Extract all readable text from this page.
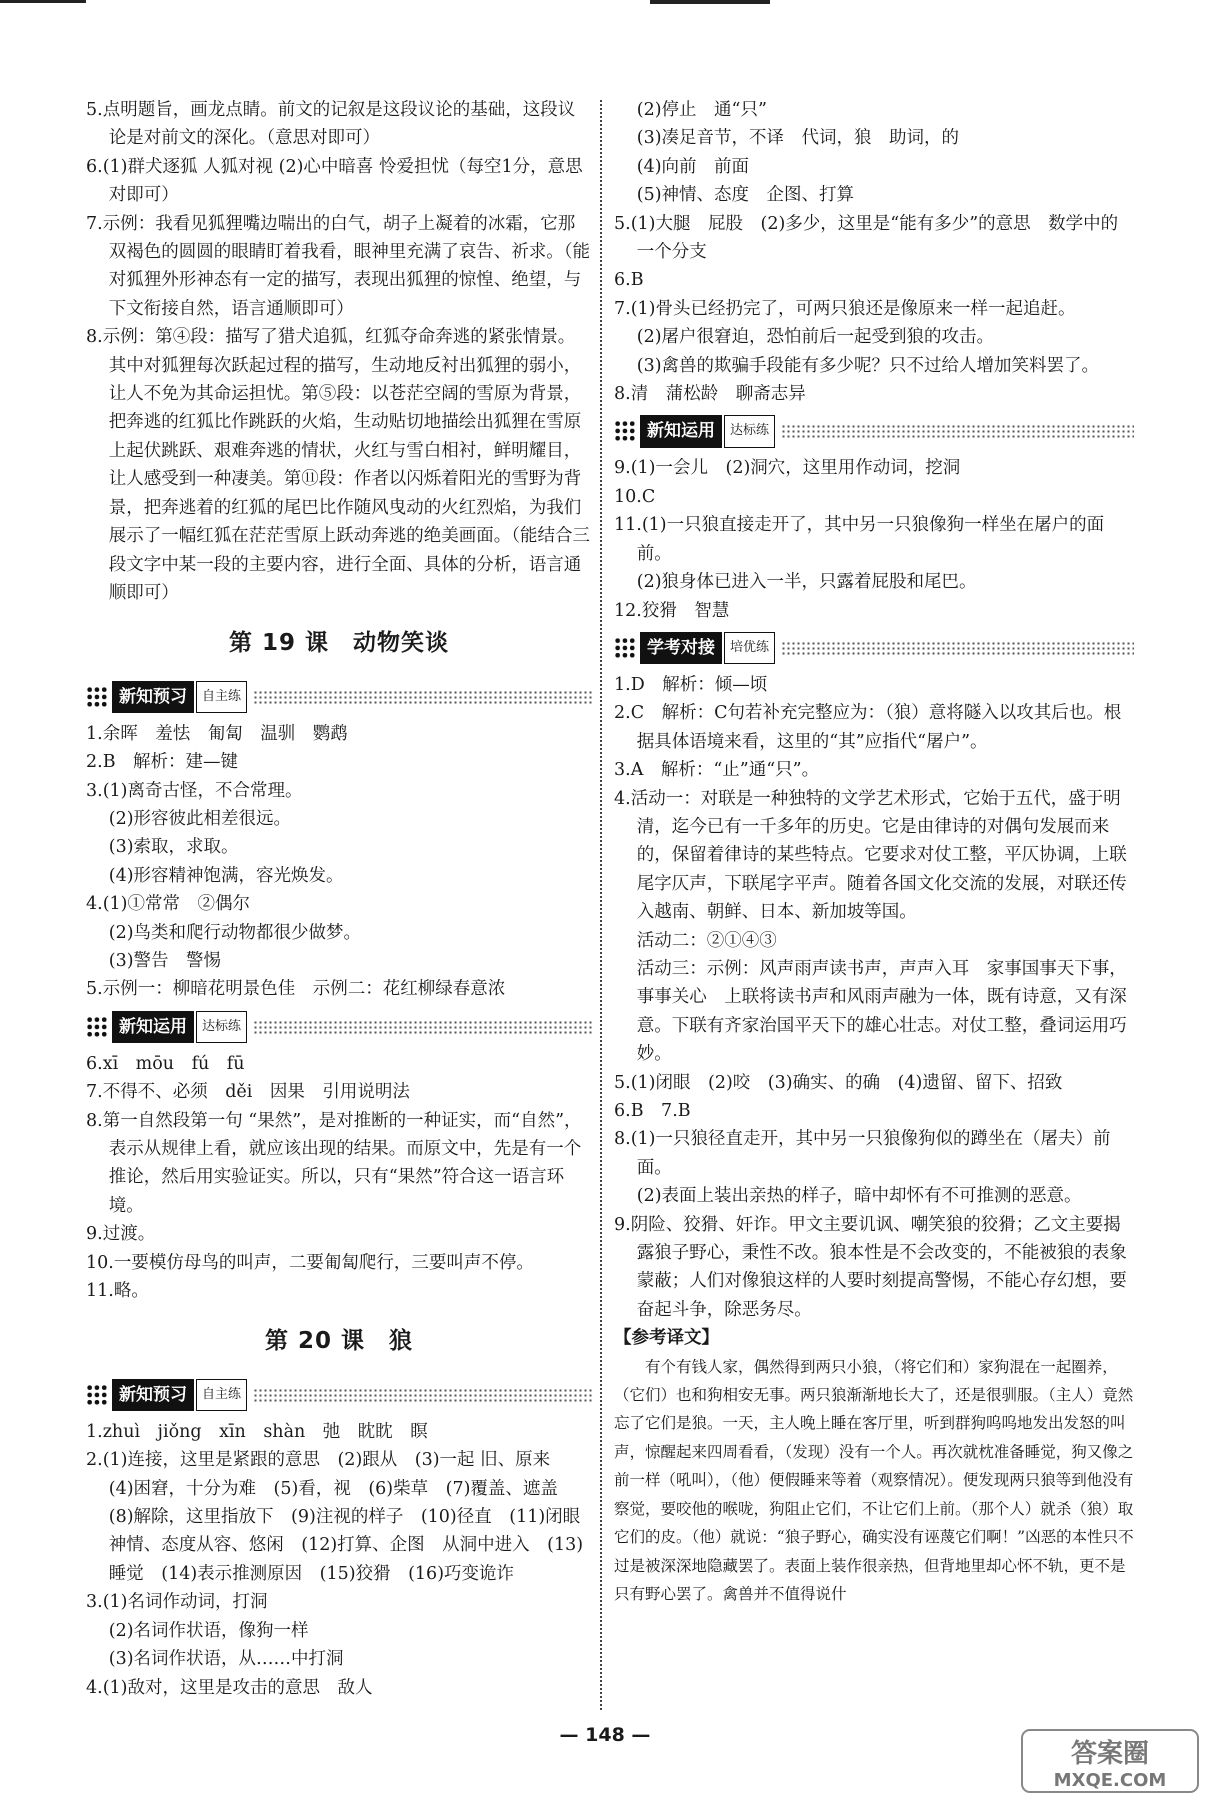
5.点明题旨，画龙点睛。前文的记叙是这段议论的基础，这段议论是对前文的深化。（意思对即可）
6.(1)群犬逐狐 人狐对视 (2)心中暗喜 怜爱担忧（每空1分，意思对即可）
7.示例：我看见狐狸嘴边喘出的白气，胡子上凝着的冰霜，它那双褐色的圆圆的眼睛盯着我看，眼神里充满了哀告、祈求。（能对狐狸外形神态有一定的描写，表现出狐狸的惊惶、绝望，与下文衔接自然，语言通顺即可）
8.示例：第④段：描写了猎犬追狐，红狐夺命奔逃的紧张情景。其中对狐狸每次跃起过程的描写，生动地反衬出狐狸的弱小，让人不免为其命运担忧。第⑤段：以苍茫空阔的雪原为背景，把奔逃的红狐比作跳跃的火焰，生动贴切地描绘出狐狸在雪原上起伏跳跃、艰难奔逃的情状，火红与雪白相衬，鲜明耀目，让人感受到一种凄美。第⑪段：作者以闪烁着阳光的雪野为背景，把奔逃着的红狐的尾巴比作随风曳动的火红烈焰，为我们展示了一幅红狐在茫茫雪原上跃动奔逃的绝美画面。（能结合三段文字中某一段的主要内容，进行全面、具体的分析，语言通顺即可）
第 19 课　动物笑谈
新知预习	自主练
1.余晖　羞怯　匍匐　温驯　鹦鹉
2.B　解析：建—键
3.(1)离奇古怪，不合常理。
(2)形容彼此相差很远。
(3)索取，求取。
(4)形容精神饱满，容光焕发。
4.(1)①常常　②偶尔
(2)鸟类和爬行动物都很少做梦。
(3)警告　警惕
5.示例一：柳暗花明景色佳　示例二：花红柳绿春意浓
新知运用	达标练
6.xī　mōu　fú　fū
7.不得不、必须　děi　因果　引用说明法
8.第一自然段第一句 “果然”，是对推断的一种证实，而“自然”，表示从规律上看，就应该出现的结果。而原文中，先是有一个推论，然后用实验证实。所以，只有“果然”符合这一语言环境。
9.过渡。
10.一要模仿母鸟的叫声，二要匍匐爬行，三要叫声不停。
11.略。
第 20 课　狼
新知预习	自主练
1.zhuì　jiǒng　xīn　shàn　弛　眈眈　瞑
2.(1)连接，这里是紧跟的意思　(2)跟从　(3)一起 旧、原来　(4)困窘，十分为难　(5)看，视　(6)柴草　(7)覆盖、遮盖　(8)解除，这里指放下　(9)注视的样子　(10)径直　(11)闭眼　神情、态度从容、悠闲　(12)打算、企图　从洞中进入　(13)睡觉　(14)表示推测原因　(15)狡猾　(16)巧变诡诈
3.(1)名词作动词，打洞
(2)名词作状语，像狗一样
(3)名词作状语，从……中打洞
4.(1)敌对，这里是攻击的意思　敌人
(2)停止　通“只”
(3)凑足音节，不译　代词，狼　助词，的
(4)向前　前面
(5)神情、态度　企图、打算
5.(1)大腿　屁股　(2)多少，这里是“能有多少”的意思　数学中的一个分支
6.B
7.(1)骨头已经扔完了，可两只狼还是像原来一样一起追赶。
(2)屠户很窘迫，恐怕前后一起受到狼的攻击。
(3)禽兽的欺骗手段能有多少呢？只不过给人增加笑料罢了。
8.清　蒲松龄　聊斋志异
新知运用	达标练
9.(1)一会儿　(2)洞穴，这里用作动词，挖洞
10.C
11.(1)一只狼直接走开了，其中另一只狼像狗一样坐在屠户的面前。
(2)狼身体已进入一半，只露着屁股和尾巴。
12.狡猾　智慧
学考对接	培优练
1.D　解析：倾—顷
2.C　解析：C句若补充完整应为：（狼）意将隧入以攻其后也。根据具体语境来看，这里的“其”应指代“屠户”。
3.A　解析：“止”通“只”。
4.活动一：对联是一种独特的文学艺术形式，它始于五代，盛于明清，迄今已有一千多年的历史。它是由律诗的对偶句发展而来的，保留着律诗的某些特点。它要求对仗工整，平仄协调，上联尾字仄声，下联尾字平声。随着各国文化交流的发展，对联还传入越南、朝鲜、日本、新加坡等国。
活动二：②①④③
活动三：示例：风声雨声读书声，声声入耳　家事国事天下事，事事关心　上联将读书声和风雨声融为一体，既有诗意，又有深意。下联有齐家治国平天下的雄心壮志。对仗工整，叠词运用巧妙。
5.(1)闭眼　(2)咬　(3)确实、的确　(4)遗留、留下、招致
6.B　7.B
8.(1)一只狼径直走开，其中另一只狼像狗似的蹲坐在（屠夫）前面。
(2)表面上装出亲热的样子，暗中却怀有不可推测的恶意。
9.阴险、狡猾、奸诈。甲文主要讥讽、嘲笑狼的狡猾；乙文主要揭露狼子野心，秉性不改。狼本性是不会改变的，不能被狼的表象蒙蔽；人们对像狼这样的人要时刻提高警惕，不能心存幻想，要奋起斗争，除恶务尽。
【参考译文】
有个有钱人家，偶然得到两只小狼，（将它们和）家狗混在一起圈养，（它们）也和狗相安无事。两只狼渐渐地长大了，还是很驯服。（主人）竟然忘了它们是狼。一天，主人晚上睡在客厅里，听到群狗呜呜地发出发怒的叫声，惊醒起来四周看看，（发现）没有一个人。再次就枕准备睡觉，狗又像之前一样（吼叫），（他）便假睡来等着（观察情况）。便发现两只狼等到他没有察觉，要咬他的喉咙，狗阻止它们，不让它们上前。（那个人）就杀（狼）取它们的皮。（他）就说：“狼子野心，确实没有诬蔑它们啊！”凶恶的本性只不过是被深深地隐藏罢了。表面上装作很亲热，但背地里却心怀不轨，更不是只有野心罢了。禽兽并不值得说什
— 148 —
答案圈
MXQE.COM
